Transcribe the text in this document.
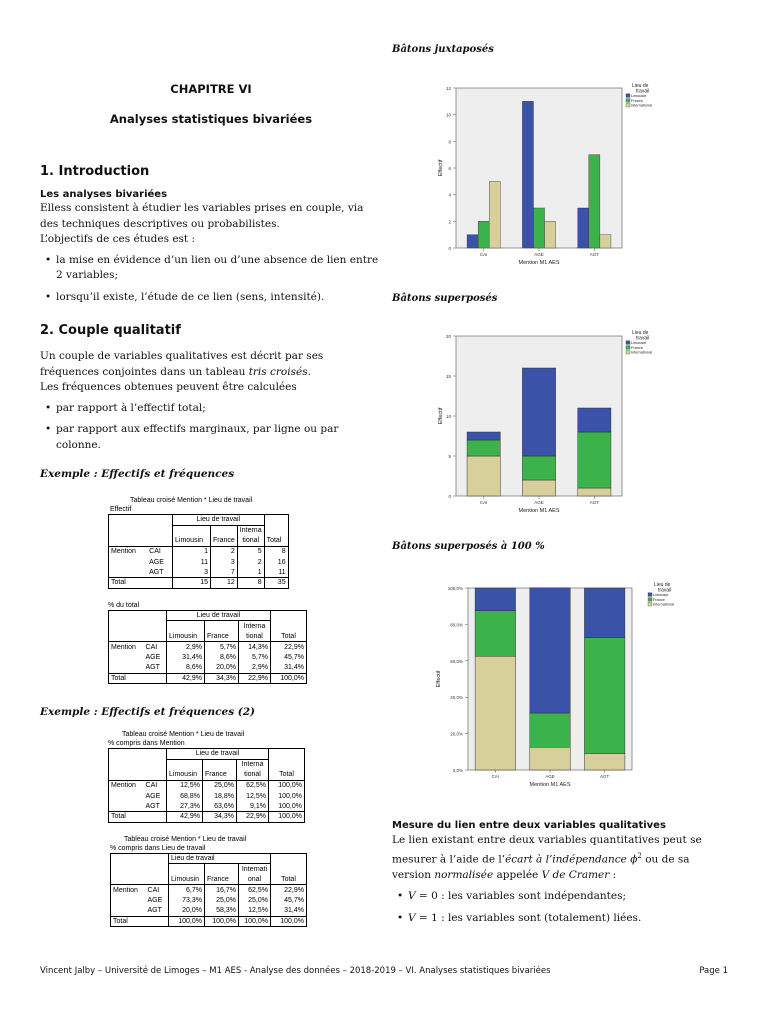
CHAPITRE VI
Analyses statistiques bivariées
1. Introduction
Les analyses bivariées

Elless consistent à étudier les variables prises en couple, via des techniques descriptives ou probabilistes.

L’objectifs de ces études est :

• la mise en évidence d’un lien ou d’une absence de lien entre 2 variables;
• lorsqu’il existe, l’étude de ce lien (sens, intensité).
2. Couple qualitatif

Un couple de variables qualitatives est décrit par ses fréquences conjointes dans un tableau tris croisés.

Les fréquences obtenues peuvent être calculées

• par rapport à l’effectif total;
• par rapport aux effectifs marginaux, par ligne ou par colonne.
Exemple : Effectifs et fréquences
Tableau croisé Mention * Lieu de travail
Effectif
		Lieu de travail			
				Interna	
		Limousin	France	tional	Total
Mention	CAI	1	2	5	8
	AGE	11	3	2	16
	AGT	3	7	1	11
Total		15	12	8	35
% du total
		Lieu de travail			
				Interna	
		Limousin	France	tional	Total
Mention	CAI	2,9%	5,7%	14,3%	22,9%
	AGE	31,4%	8,6%	5,7%	45,7%
	AGT	8,6%	20,0%	2,9%	31,4%
Total		42,9%	34,3%	22,9%	100,0%
Exemple : Effectifs et fréquences (2)
Tableau croisé Mention * Lieu de travail
% compris dans Mention
		Lieu de travail			
				Interna	
		Limousin	France	tional	Total
Mention	CAI	12,5%	25,0%	62,5%	100,0%
	AGE	68,8%	18,8%	12,5%	100,0%
	AGT	27,3%	63,6%	9,1%	100,0%
Total		42,9%	34,3%	22,9%	100,0%
Tableau croisé Mention * Lieu de travail
% compris dans Lieu de travail
		Lieu de travail			
				Internati	
		Limousin	France	onal	Total
Mention	CAI	6,7%	16,7%	62,5%	22,9%
	AGE	73,3%	25,0%	25,0%	45,7%
	AGT	20,0%	58,3%	12,5%	31,4%
Total		100,0%	100,0%	100,0%	100,0%
Bâtons juxtaposés
0
2
4
6
8
10
12
CAI	AGE	AGT
Mention M1 AES
Effectif
Lieu de
travail
Limousin
France
International
Bâtons superposés
0
5
10
15
20
CAI	AGE	AGT
Mention M1 AES
Effectif
Lieu de
travail
Limousin
France
International
Bâtons superposés à 100 %
0,0%
20,0%
40,0%
60,0%
80,0%
100,0%
CAI	AGE	AGT
Mention M1 AES
Effectif
Lieu de
travail
Limousin
France
International
Mesure du lien entre deux variables qualitatives

Le lien existant entre deux variables quantitatives peut se mesurer à l’aide de l’écart à l’indépendance $\phi^2$ ou de sa version normalisée appelée V de Cramer :

• V = 0 : les variables sont indépendantes;
• V = 1 : les variables sont (totalement) liées.
Vincent Jalby – Université de Limoges – M1 AES - Analyse des données – 2018-2019 – VI. Analyses statistiques bivariées	Page 1
